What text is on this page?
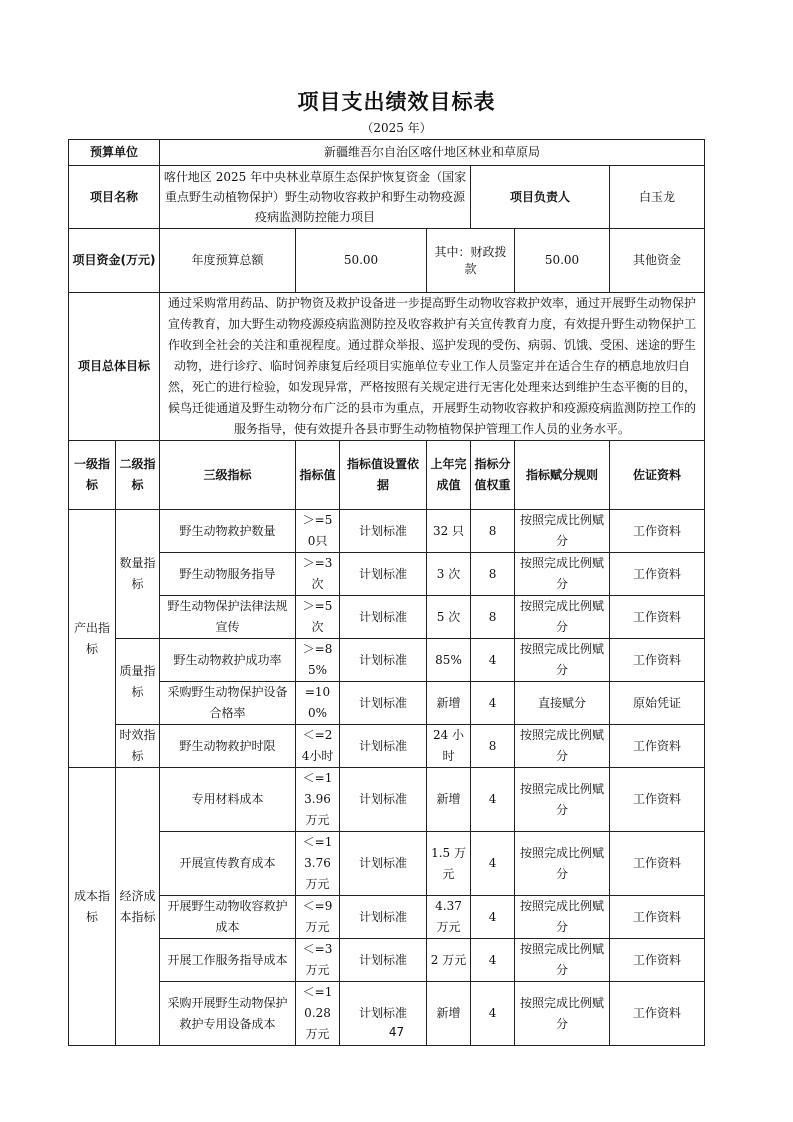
项目支出绩效目标表
（2025 年）
预算单位		新疆维吾尔自治区喀什地区林业和草原局							
项目名称		喀什地区 2025 年中央林业草原生态保护恢复资金（国家重点野生动植物保护）野生动物收容救护和野生动物疫源疫病监测防控能力项目				项目负责人		白玉龙	
项目资金(万元)		年度预算总额	50.00		其中：财政拨款		50.00	其他资金	
项目总体目标		通过采购常用药品、防护物资及救护设备进一步提高野生动物收容救护效率，通过开展野生动物保护宣传教育，加大野生动物疫源疫病监测防控及收容救护有关宣传教育力度，有效提升野生动物保护工作收到全社会的关注和重视程度。通过群众举报、巡护发现的受伤、病弱、饥饿、受困、迷途的野生动物，进行诊疗、临时饲养康复后经项目实施单位专业工作人员鉴定并在适合生存的栖息地放归自然，死亡的进行检验，如发现异常，严格按照有关规定进行无害化处理来达到维护生态平衡的目的，候鸟迁徙通道及野生动物分布广泛的县市为重点，开展野生动物收容救护和疫源疫病监测防控工作的服务指导，使有效提升各县市野生动物植物保护管理工作人员的业务水平。							
一级指标	二级指标	三级指标	指标值	指标值设置依据	上年完成值	指标分值权重	指标赋分规则	佐证资料	
产出指标	数量指标	野生动物救护数量	＞=50只	计划标准	32 只	8	按照完成比例赋分	工作资料	
		野生动物服务指导	＞=3次	计划标准	3 次	8	按照完成比例赋分	工作资料	
		野生动物保护法律法规宣传	＞=5次	计划标准	5 次	8	按照完成比例赋分	工作资料	
	质量指标	野生动物救护成功率	＞=85%	计划标准	85%	4	按照完成比例赋分	工作资料	
		采购野生动物保护设备合格率	=100%	计划标准	新增	4	直接赋分	原始凭证	
	时效指标	野生动物救护时限	＜=24小时	计划标准	24 小时	8	按照完成比例赋分	工作资料	
成本指标	经济成本指标	专用材料成本	＜=13.96 万元	计划标准	新增	4	按照完成比例赋分	工作资料	
		开展宣传教育成本	＜=13.76 万元	计划标准	1.5 万元	4	按照完成比例赋分	工作资料	
		开展野生动物收容救护成本	＜=9万元	计划标准	4.37 万元	4	按照完成比例赋分	工作资料	
		开展工作服务指导成本	＜=3万元	计划标准	2 万元	4	按照完成比例赋分	工作资料	
		采购开展野生动物保护救护专用设备成本	＜=10.28 万元	计划标准	新增	4	按照完成比例赋分	工作资料	
47
